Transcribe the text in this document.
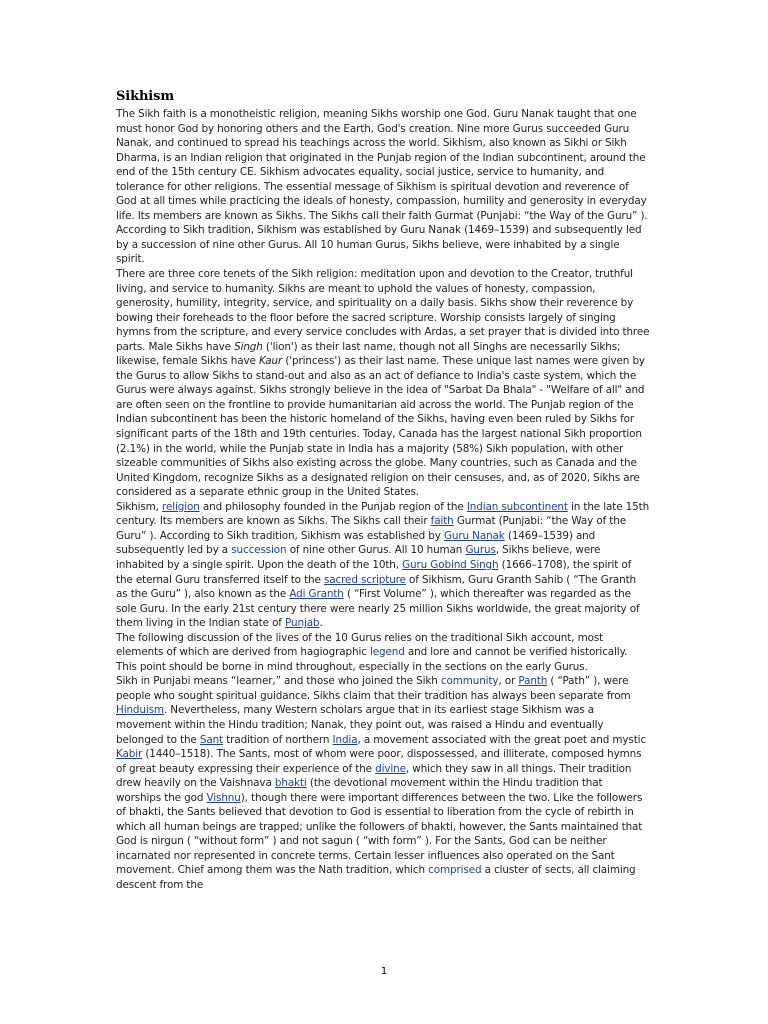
Sikhism

The Sikh faith is a monotheistic religion, meaning Sikhs worship one God. Guru Nanak taught that one must honor God by honoring others and the Earth, God's creation. Nine more Gurus succeeded Guru Nanak, and continued to spread his teachings across the world. Sikhism, also known as Sikhi or Sikh Dharma, is an Indian religion that originated in the Punjab region of the Indian subcontinent, around the end of the 15th century CE. Sikhism advocates equality, social justice, service to humanity, and tolerance for other religions. The essential message of Sikhism is spiritual devotion and reverence of God at all times while practicing the ideals of honesty, compassion, humility and generosity in everyday life. Its members are known as Sikhs. The Sikhs call their faith Gurmat (Punjabi: “the Way of the Guru” ). According to Sikh tradition, Sikhism was established by Guru Nanak (1469–1539) and subsequently led by a succession of nine other Gurus. All 10 human Gurus, Sikhs believe, were inhabited by a single spirit.

There are three core tenets of the Sikh religion: meditation upon and devotion to the Creator, truthful living, and service to humanity. Sikhs are meant to uphold the values of honesty, compassion, generosity, humility, integrity, service, and spirituality on a daily basis. Sikhs show their reverence by bowing their foreheads to the floor before the sacred scripture. Worship consists largely of singing hymns from the scripture, and every service concludes with Ardas, a set prayer that is divided into three parts. Male Sikhs have Singh ('lion') as their last name, though not all Singhs are necessarily Sikhs; likewise, female Sikhs have Kaur ('princess') as their last name. These unique last names were given by the Gurus to allow Sikhs to stand-out and also as an act of defiance to India's caste system, which the Gurus were always against. Sikhs strongly believe in the idea of "Sarbat Da Bhala" - "Welfare of all" and are often seen on the frontline to provide humanitarian aid across the world. The Punjab region of the Indian subcontinent has been the historic homeland of the Sikhs, having even been ruled by Sikhs for significant parts of the 18th and 19th centuries. Today, Canada has the largest national Sikh proportion (2.1%) in the world, while the Punjab state in India has a majority (58%) Sikh population, with other sizeable communities of Sikhs also existing across the globe. Many countries, such as Canada and the United Kingdom, recognize Sikhs as a designated religion on their censuses, and, as of 2020, Sikhs are considered as a separate ethnic group in the United States.

Sikhism, religion and philosophy founded in the Punjab region of the Indian subcontinent in the late 15th century. Its members are known as Sikhs. The Sikhs call their faith Gurmat (Punjabi: “the Way of the Guru” ). According to Sikh tradition, Sikhism was established by Guru Nanak (1469–1539) and subsequently led by a succession of nine other Gurus. All 10 human Gurus, Sikhs believe, were inhabited by a single spirit. Upon the death of the 10th, Guru Gobind Singh (1666–1708), the spirit of the eternal Guru transferred itself to the sacred scripture of Sikhism, Guru Granth Sahib ( “The Granth as the Guru” ), also known as the Adi Granth ( “First Volume” ), which thereafter was regarded as the sole Guru. In the early 21st century there were nearly 25 million Sikhs worldwide, the great majority of them living in the Indian state of Punjab.

The following discussion of the lives of the 10 Gurus relies on the traditional Sikh account, most elements of which are derived from hagiographic legend and lore and cannot be verified historically. This point should be borne in mind throughout, especially in the sections on the early Gurus.

Sikh in Punjabi means “learner,” and those who joined the Sikh community, or Panth ( “Path” ), were people who sought spiritual guidance. Sikhs claim that their tradition has always been separate from Hinduism. Nevertheless, many Western scholars argue that in its earliest stage Sikhism was a movement within the Hindu tradition; Nanak, they point out, was raised a Hindu and eventually belonged to the Sant tradition of northern India, a movement associated with the great poet and mystic Kabir (1440–1518). The Sants, most of whom were poor, dispossessed, and illiterate, composed hymns of great beauty expressing their experience of the divine, which they saw in all things. Their tradition drew heavily on the Vaishnava bhakti (the devotional movement within the Hindu tradition that worships the god Vishnu), though there were important differences between the two. Like the followers of bhakti, the Sants believed that devotion to God is essential to liberation from the cycle of rebirth in which all human beings are trapped; unlike the followers of bhakti, however, the Sants maintained that God is nirgun ( “without form” ) and not sagun ( “with form” ). For the Sants, God can be neither incarnated nor represented in concrete terms. Certain lesser influences also operated on the Sant movement. Chief among them was the Nath tradition, which comprised a cluster of sects, all claiming descent from the

1
